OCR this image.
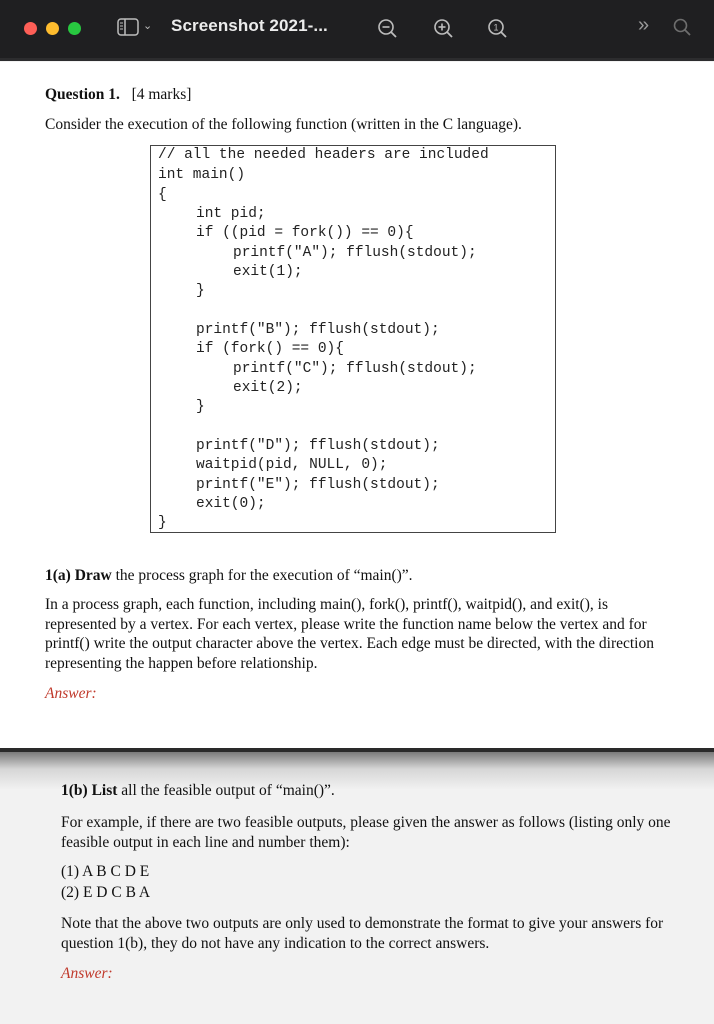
⌄ Screenshot 2021-...	1	»
Question 1. [4 marks]
Consider the execution of the following function (written in the C language).
// all the needed headers are included
int main()
{
int pid;
if ((pid = fork()) == 0){
printf("A"); fflush(stdout);
exit(1);
}
printf("B"); fflush(stdout);
if (fork() == 0){
printf("C"); fflush(stdout);
exit(2);
}
printf("D"); fflush(stdout);
waitpid(pid, NULL, 0);
printf("E"); fflush(stdout);
exit(0);
}
1(a) Draw the process graph for the execution of “main()”.
In a process graph, each function, including main(), fork(), printf(), waitpid(), and exit(), is represented by a vertex. For each vertex, please write the function name below the vertex and for printf() write the output character above the vertex. Each edge must be directed, with the direction representing the happen before relationship.
Answer:
1(b) List all the feasible output of “main()”.
For example, if there are two feasible outputs, please given the answer as follows (listing only one feasible output in each line and number them):
(1) A B C D E
(2) E D C B A
Note that the above two outputs are only used to demonstrate the format to give your answers for question 1(b), they do not have any indication to the correct answers.
Answer:
